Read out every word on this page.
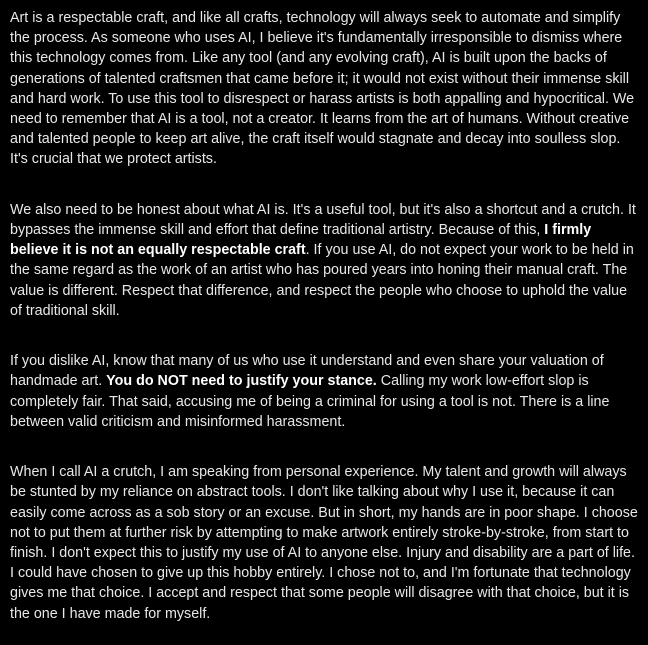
Art is a respectable craft, and like all crafts, technology will always seek to automate and simplify the process. As someone who uses AI, I believe it's fundamentally irresponsible to dismiss where this technology comes from. Like any tool (and any evolving craft), AI is built upon the backs of generations of talented craftsmen that came before it; it would not exist without their immense skill and hard work. To use this tool to disrespect or harass artists is both appalling and hypocritical. We need to remember that AI is a tool, not a creator. It learns from the art of humans. Without creative and talented people to keep art alive, the craft itself would stagnate and decay into soulless slop. It's crucial that we protect artists.

We also need to be honest about what AI is. It's a useful tool, but it's also a shortcut and a crutch. It bypasses the immense skill and effort that define traditional artistry. Because of this, I firmly believe it is not an equally respectable craft. If you use AI, do not expect your work to be held in the same regard as the work of an artist who has poured years into honing their manual craft. The value is different. Respect that difference, and respect the people who choose to uphold the value of traditional skill.

If you dislike AI, know that many of us who use it understand and even share your valuation of handmade art. You do NOT need to justify your stance. Calling my work low-effort slop is completely fair. That said, accusing me of being a criminal for using a tool is not. There is a line between valid criticism and misinformed harassment.

When I call AI a crutch, I am speaking from personal experience. My talent and growth will always be stunted by my reliance on abstract tools. I don't like talking about why I use it, because it can easily come across as a sob story or an excuse. But in short, my hands are in poor shape. I choose not to put them at further risk by attempting to make artwork entirely stroke-by-stroke, from start to finish. I don't expect this to justify my use of AI to anyone else. Injury and disability are a part of life. I could have chosen to give up this hobby entirely. I chose not to, and I'm fortunate that technology gives me that choice. I accept and respect that some people will disagree with that choice, but it is the one I have made for myself.
